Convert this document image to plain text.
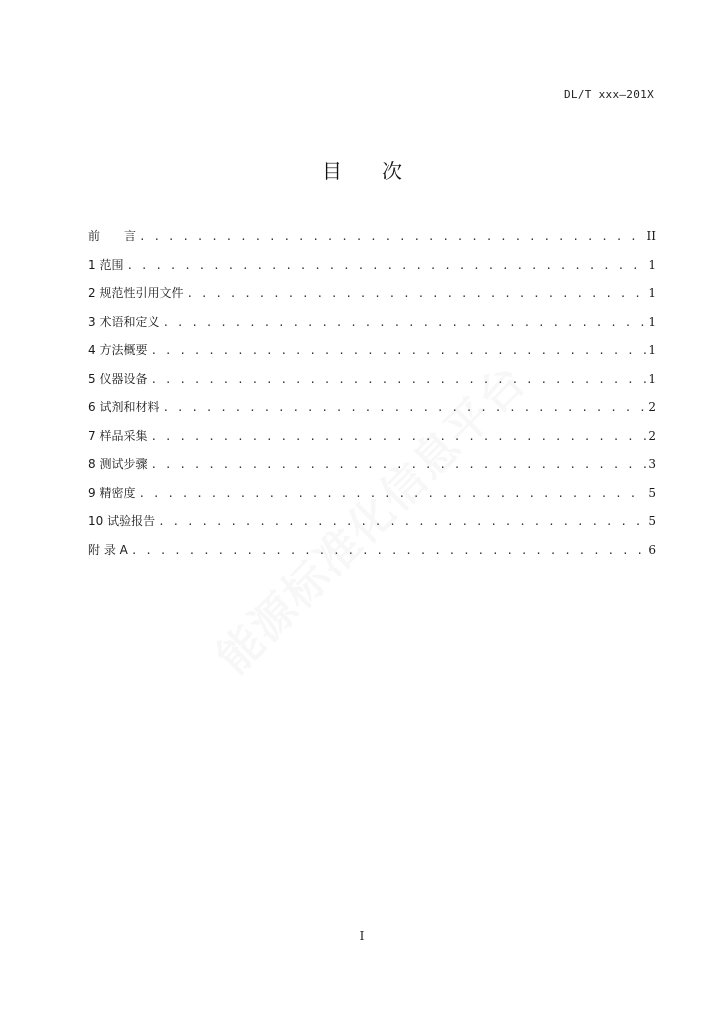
DL/T xxx—201X
目 次
前　　言 . . .	II
1 范围 . . .	1
2 规范性引用文件 . . .	1
3 术语和定义 . . .	1
4 方法概要 . . .	1
5 仪器设备 . . .	1
6 试剂和材料 . . .	2
7 样品采集 . . .	2
8 测试步骤 . . .	3
9 精密度 . . .	5
10 试验报告 . . .	5
附 录 A . . .	6
能源标准化信息平台
I
